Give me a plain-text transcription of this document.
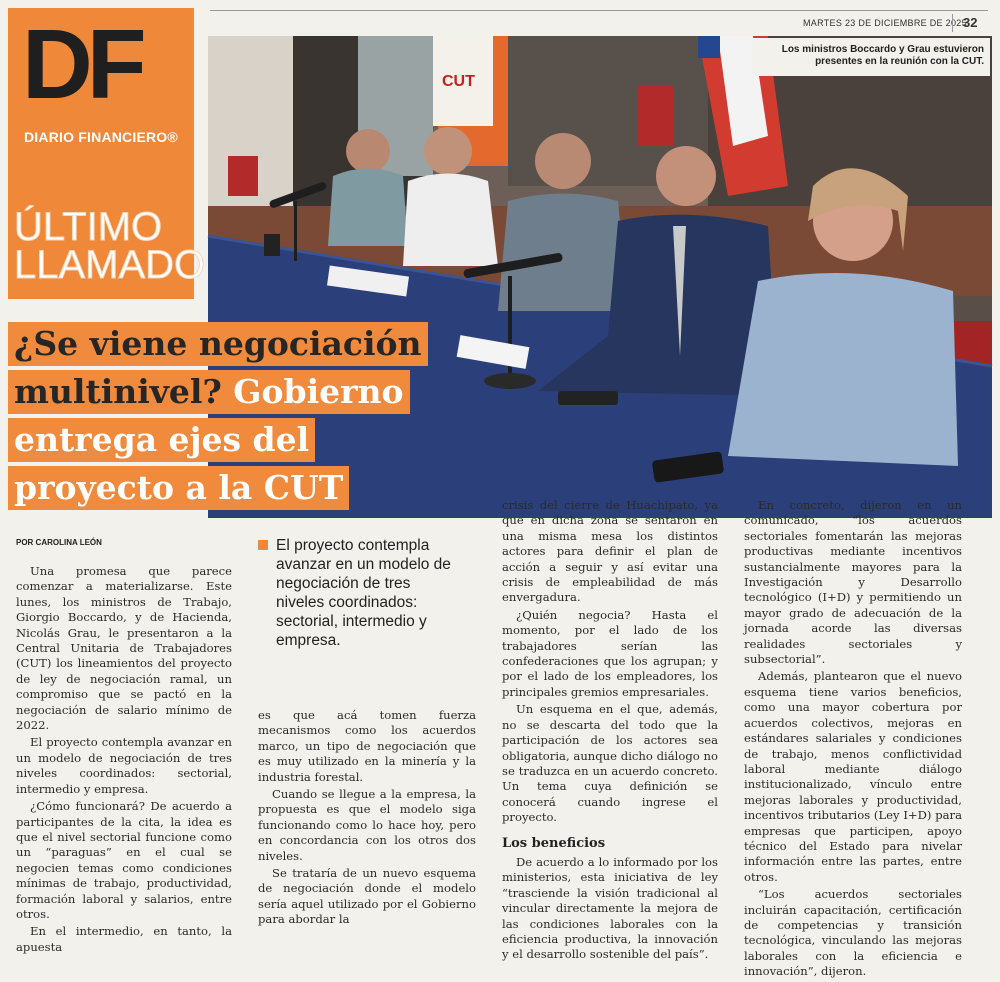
MARTES 23 DE DICIEMBRE DE 2025
32
DF
DIARIO FINANCIERO®
ÚLTIMO
LLAMADO
CUT
Los ministros Boccardo y Grau estuvieron
presentes en la reunión con la CUT.
¿Se viene negociación
multinivel? Gobierno
entrega ejes del
proyecto a la CUT
POR CAROLINA LEÓN

Una promesa que parece comenzar a materializarse. Este lunes, los ministros de Trabajo, Giorgio Boccardo, y de Hacienda, Nicolás Grau, le presentaron a la Central Unitaria de Trabajadores (CUT) los lineamientos del proyecto de ley de negociación ramal, un compromiso que se pactó en la negociación de salario mínimo de 2022.

El proyecto contempla avanzar en un modelo de negociación de tres niveles coordinados: sectorial, intermedio y empresa.

¿Cómo funcionará? De acuerdo a participantes de la cita, la idea es que el nivel sectorial funcione como un “paraguas” en el cual se negocien temas como condiciones mínimas de trabajo, productividad, formación laboral y salarios, entre otros.

En el intermedio, en tanto, la apuesta

El proyecto contempla avanzar en un modelo de negociación de tres niveles coordinados: sectorial, intermedio y empresa.

es que acá tomen fuerza mecanismos como los acuerdos marco, un tipo de negociación que es muy utilizado en la minería y la industria forestal.

Cuando se llegue a la empresa, la propuesta es que el modelo siga funcionando como lo hace hoy, pero en concordancia con los otros dos niveles.

Se trataría de un nuevo esquema de negociación donde el modelo sería aquel utilizado por el Gobierno para abordar la

crisis del cierre de Huachipato, ya que en dicha zona se sentaron en una misma mesa los distintos actores para definir el plan de acción a seguir y así evitar una crisis de empleabilidad de más envergadura.

¿Quién negocia? Hasta el momento, por el lado de los trabajadores serían las confederaciones que los agrupan; y por el lado de los empleadores, los principales gremios empresariales.

Un esquema en el que, además, no se descarta del todo que la participación de los actores sea obligatoria, aunque dicho diálogo no se traduzca en un acuerdo concreto. Un tema cuya definición se conocerá cuando ingrese el proyecto.

Los beneficios

De acuerdo a lo informado por los ministerios, esta iniciativa de ley “trasciende la visión tradicional al vincular directamente la mejora de las condiciones laborales con la eficiencia productiva, la innovación y el desarrollo sostenible del país”.

En concreto, dijeron en un comunicado, “los acuerdos sectoriales fomentarán las mejoras productivas mediante incentivos sustancialmente mayores para la Investigación y Desarrollo tecnológico (I+D) y permitiendo un mayor grado de adecuación de la jornada acorde las diversas realidades sectoriales y subsectorial”.

Además, plantearon que el nuevo esquema tiene varios beneficios, como una mayor cobertura por acuerdos colectivos, mejoras en estándares salariales y condiciones de trabajo, menos conflictividad laboral mediante diálogo institucionalizado, vínculo entre mejoras laborales y productividad, incentivos tributarios (Ley I+D) para empresas que participen, apoyo técnico del Estado para nivelar información entre las partes, entre otros.

“Los acuerdos sectoriales incluirán capacitación, certificación de competencias y transición tecnológica, vinculando las mejoras laborales con la eficiencia e innovación”, dijeron.
